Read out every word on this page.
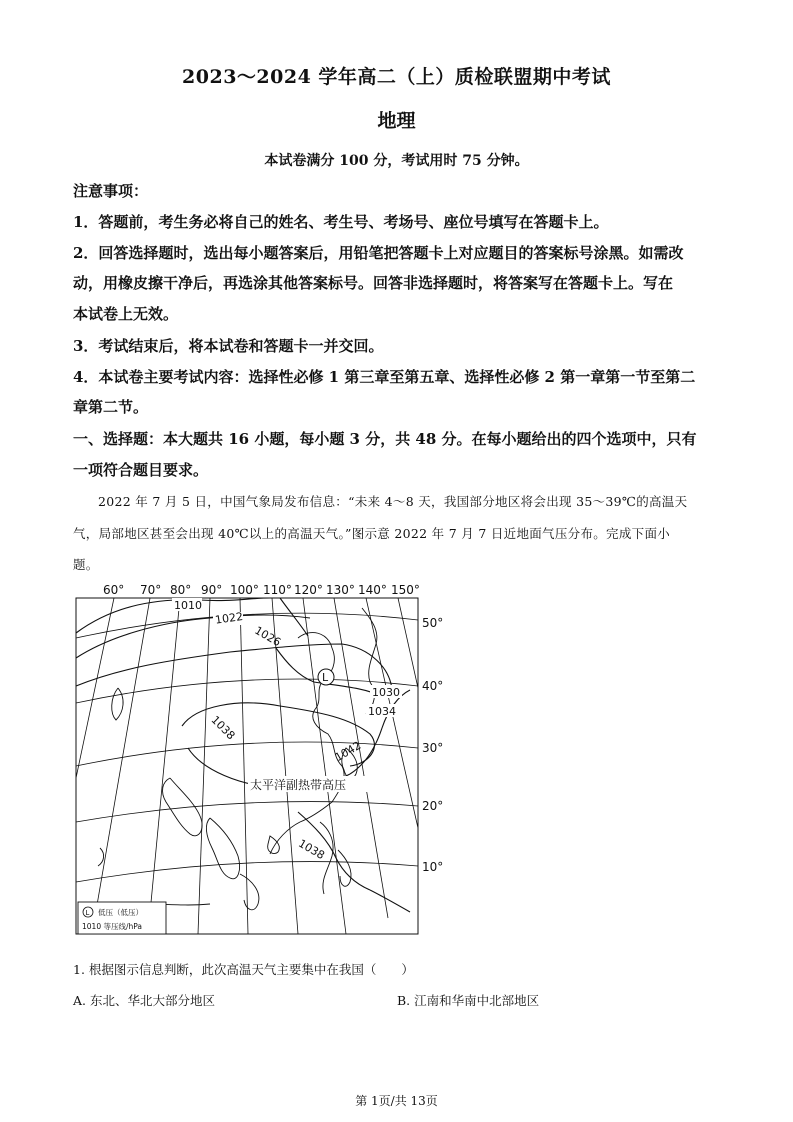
2023～2024 学年高二（上）质检联盟期中考试
地理
本试卷满分 100 分，考试用时 75 分钟。
注意事项：
1．答题前，考生务必将自己的姓名、考生号、考场号、座位号填写在答题卡上。
2．回答选择题时，选出每小题答案后，用铅笔把答题卡上对应题目的答案标号涂黑。如需改
动，用橡皮擦干净后，再选涂其他答案标号。回答非选择题时，将答案写在答题卡上。写在
本试卷上无效。
3．考试结束后，将本试卷和答题卡一并交回。
4．本试卷主要考试内容：选择性必修 1 第三章至第五章、选择性必修 2 第一章第一节至第二
章第二节。
一、选择题：本大题共 16 小题，每小题 3 分，共 48 分。在每小题给出的四个选项中，只有
一项符合题目要求。
2022 年 7 月 5 日，中国气象局发布信息：“未来 4～8 天，我国部分地区将会出现 35～39℃的高温天
气，局部地区甚至会出现 40℃以上的高温天气。”图示意 2022 年 7 月 7 日近地面气压分布。完成下面小
题。
60° 70° 80° 90° 100° 110° 120° 130° 140° 150°
50°
40°
30°
20°
10°
1010
1022
1026
1030
1034
1038
1042
1038
L
太平洋副热带高压
L 低压（低压）
1010 等压线/hPa
1. 根据图示信息判断，此次高温天气主要集中在我国（　　）
A. 东北、华北大部分地区	B. 江南和华南中北部地区
第 1页/共 13页
